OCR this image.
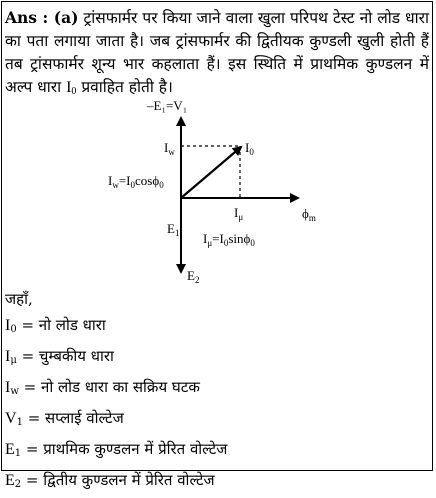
Ans : (a) ट्रांसफार्मर पर किया जाने वाला खुला परिपथ टेस्ट नो लोड धारा का पता लगाया जाता है। जब ट्रांसफार्मर की द्वितीयक कुण्डली खुली होती हैं तब ट्रांसफार्मर शून्य भार कहलाता हैं। इस स्थिति में प्राथमिक कुण्डलन में अल्प धारा $I_0$ प्रवाहित होती है।
–E₁=V₁
$I_w$	$I_0$
$I_w=I_0\cos\phi_0$
$I_\mu$	$\phi_m$
$E_1$ $I_\mu=I_0\sin\phi_0$
$E_2$
जहाँ,
$I_0$ = नो लोड धारा
$I_\mu$ = चुम्बकीय धारा
$I_w$ = नो लोड धारा का सक्रिय घटक
$V_1$ = सप्लाई वोल्टेज
$E_1$ = प्राथमिक कुण्डलन में प्रेरित वोल्टेज
$E_2$ = द्वितीय कुण्डलन में प्रेरित वोल्टेज
